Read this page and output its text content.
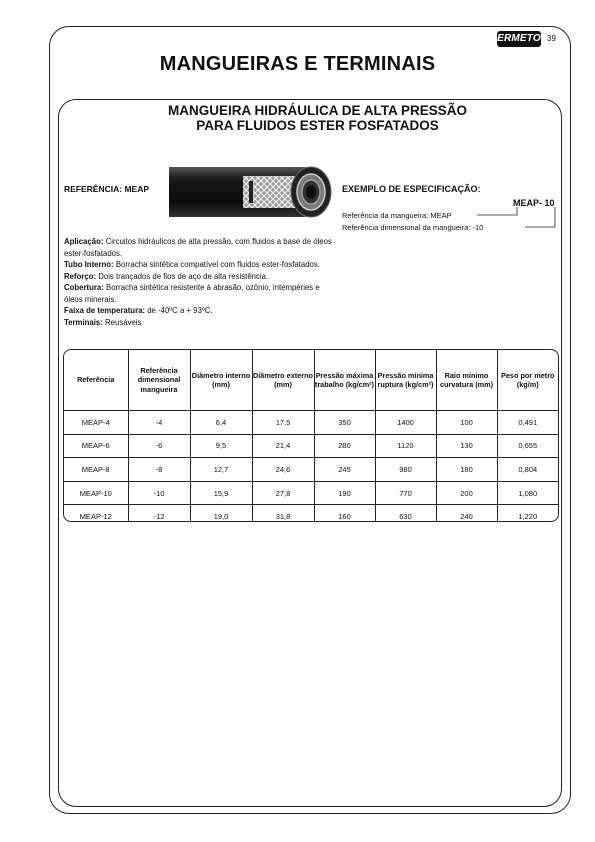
ERMETO 39
MANGUEIRAS E TERMINAIS
MANGUEIRA HIDRÁULICA DE ALTA PRESSÃO
PARA FLUIDOS ESTER FOSFATADOS
REFERÊNCIA: MEAP	EXEMPLO DE ESPECIFICAÇÃO:
MEAP- 10
Referência da mangueira: MEAP
Referência dimensional da mangueira: -10

Aplicação: Circuitos hidráulicos de alta pressão, com fluidos a base de óleos ester-fosfatados.

Tubo Interno: Borracha sintética compatível com fluidos ester-fosfatados.

Reforço: Dois trançados de fios de aço de alta resistência.

Cobertura: Borracha sintética resistente à abrasão, ozônio, intempéries e óleos minerais.

Faixa de temperatura: de -40ºC a + 93ºC.

Terminais: Reusáveis

Referência	Referência dimensional mangueira	Diâmetro interno (mm)	Diâmetro externo (mm)	Pressão máxima trabalho (kg/cm²)	Pressão mínima ruptura (kg/cm²)	Raio mínimo curvatura (mm)	Peso por metro (kg/m)
MEAP-4	-4	6,4	17,5	350	1400	100	0,491
MEAP-6	-6	9,5	21,4	280	1120	130	0,655
MEAP-8	-8	12,7	24,6	245	980	180	0,804
MEAP-10	-10	15,9	27,8	190	770	200	1,080
MEAP-12	-12	19,0	31,8	160	630	240	1,220
